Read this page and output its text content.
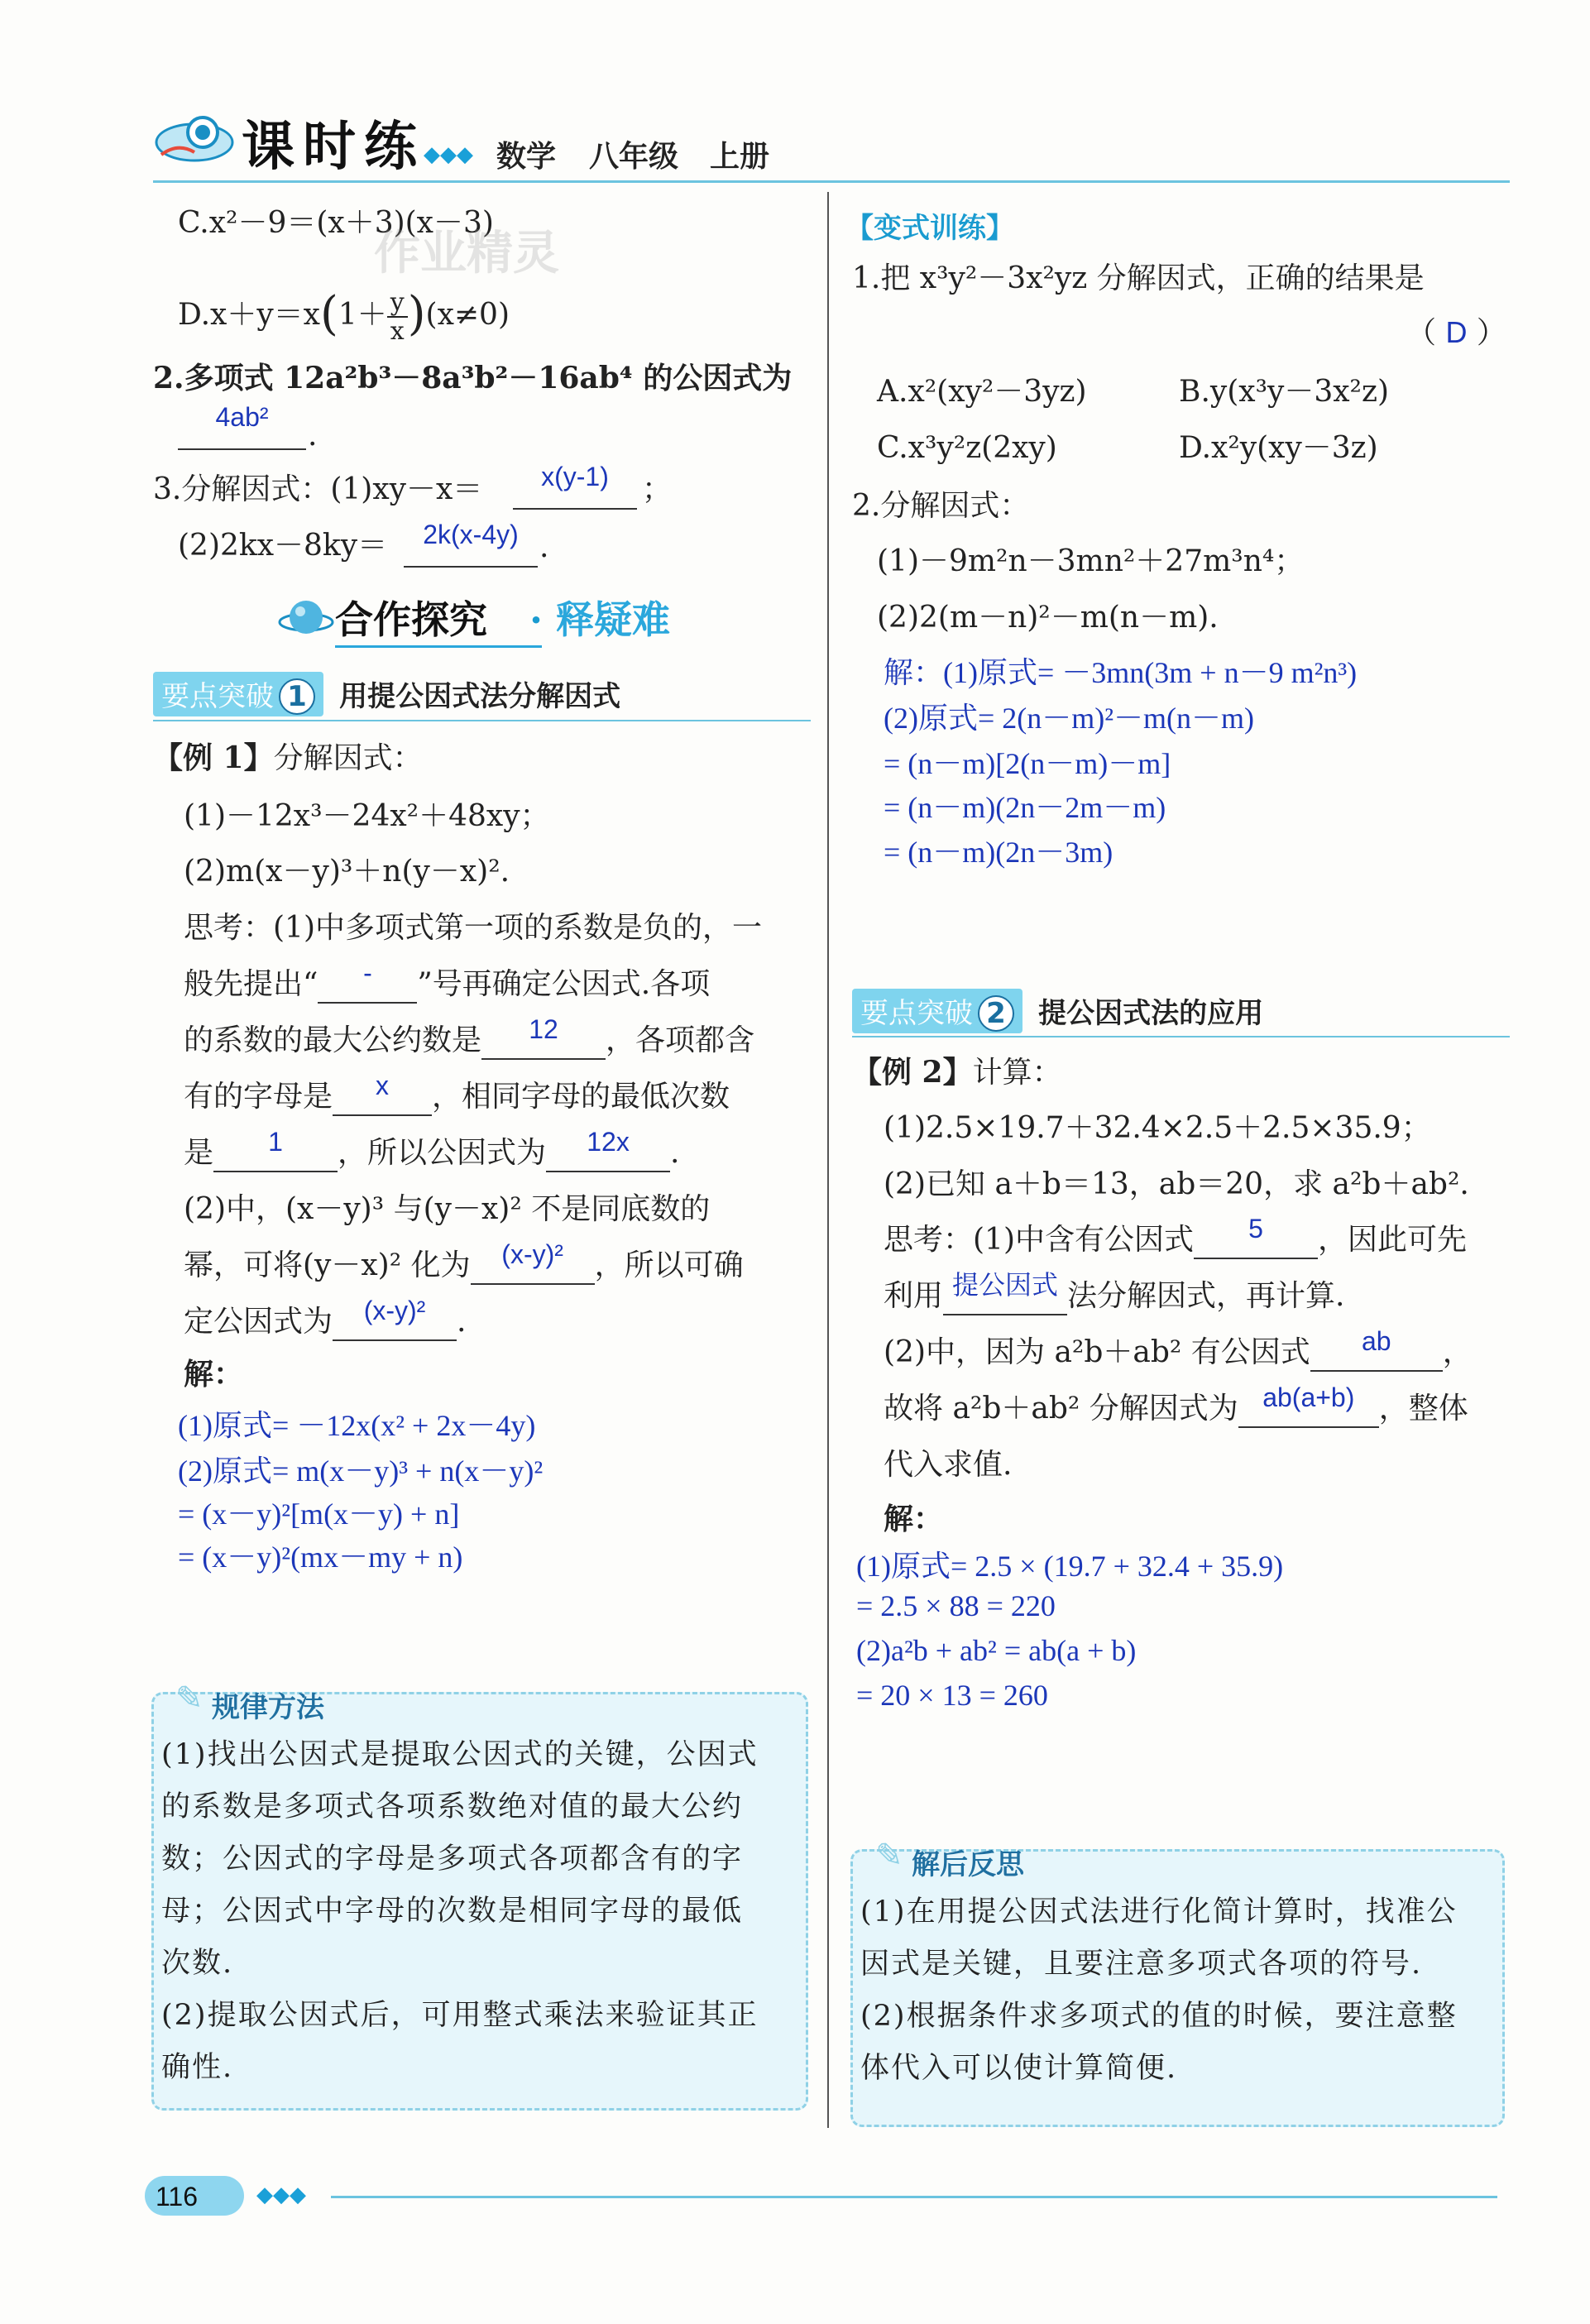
课时练
◆◆◆ 数学 八年级 上册
C.x²－9＝(x＋3)(x－3)
作业精灵
$D.x+y=x(1+ \frac{y}{x} )(x\ne 0)$
2.多项式 12a²b³－8a³b²－16ab⁴ 的公因式为
4ab²
.
3.分解因式：(1)xy－x＝	x(y-1)	；
(2)2kx－8ky＝	2k(x-4y) .
合作探究 · 释疑难
要点突破 1 用提公因式法分解因式
【例 1】分解因式：
(1)－12x³－24x²＋48xy；
(2)m(x－y)³＋n(y－x)².
思考：(1)中多项式第一项的系数是负的，一
般先提出“ - ”号再确定公因式.各项
的系数的最大公约数是 12 ，各项都含
有的字母是 x ，相同字母的最低次数
是 1 ，所以公因式为 12x .
(2)中，(x－y)³ 与(y－x)² 不是同底数的
幂，可将(y－x)² 化为 (x-y)² ，所以可确
定公因式为 (x-y)² .
解：
(1)原式= －12x(x² + 2x－4y)
(2)原式= m(x－y)³ + n(x－y)²
= (x－y)²[m(x－y) + n]
= (x－y)²(mx－my + n)
✎ 规律方法
(1)找出公因式是提取公因式的关键，公因式
的系数是多项式各项系数绝对值的最大公约
数；公因式的字母是多项式各项都含有的字
母；公因式中字母的次数是相同字母的最低
次数.
(2)提取公因式后，可用整式乘法来验证其正
确性.
【变式训练】
1.把 x³y²－3x²yz 分解因式，正确的结果是
（ D ）
A.x²(xy²－3yz)	B.y(x³y－3x²z)
C.x³y²z(2xy)	D.x²y(xy－3z)
2.分解因式：
(1)－9m²n－3mn²＋27m³n⁴；
(2)2(m－n)²－m(n－m).
解：(1)原式= －3mn(3m + n－9 m²n³)
(2)原式= 2(n－m)²－m(n－m)
= (n－m)[2(n－m)－m]
= (n－m)(2n－2m－m)
= (n－m)(2n－3m)
要点突破 2 提公因式法的应用
【例 2】计算：
(1)2.5×19.7＋32.4×2.5＋2.5×35.9；
(2)已知 a＋b＝13，ab＝20，求 a²b＋ab².
思考：(1)中含有公因式 5 ，因此可先
利用 提公因式 法分解因式，再计算.
(2)中，因为 a²b＋ab² 有公因式 ab ，
故将 a²b＋ab² 分解因式为 ab(a+b) ，整体
代入求值.
解：
(1)原式= 2.5 × (19.7 + 32.4 + 35.9)
= 2.5 × 88 = 220
(2)a²b + ab² = ab(a + b)
= 20 × 13 = 260
✎ 解后反思
(1)在用提公因式法进行化简计算时，找准公
因式是关键，且要注意多项式各项的符号.
(2)根据条件求多项式的值的时候，要注意整
体代入可以使计算简便.
116	◆◆◆
